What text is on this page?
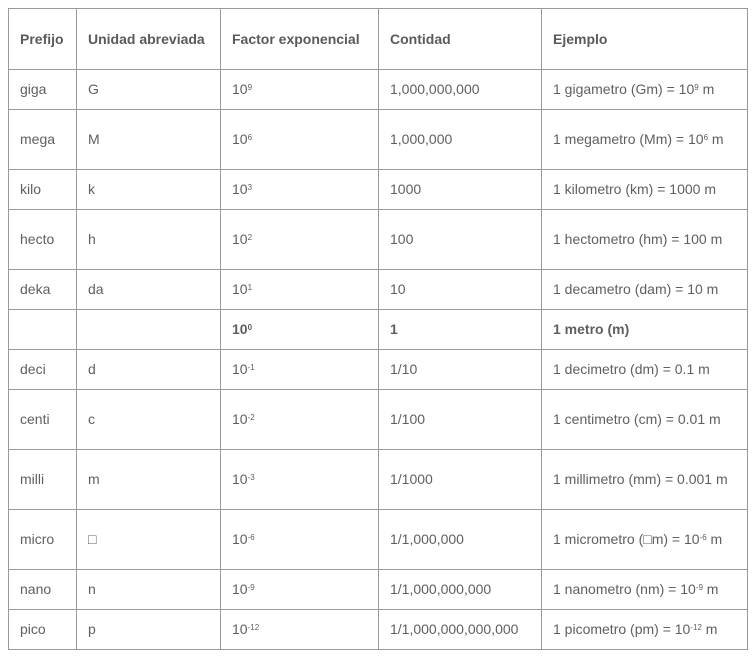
Prefijo	Unidad abreviada	Factor exponencial	Contidad	Ejemplo
giga	G	$10^9$	1,000,000,000	1 gigametro $(Gm) = 10^9$ m
mega	M	$10^6$	1,000,000	1 megametro $(Mm) = 10^6$ m
kilo	k	$10^3$	1000	1 kilometro (km) = 1000 m
hecto	h	$10^2$	100	1 hectometro (hm) = 100 m
deka	da	$10^1$	10	1 decametro (dam) = 10 m
		$10^0$	1	1 metro (m)
deci	d	$10^{-1}$	1/10	1 decimetro (dm) = 0.1 m
centi	c	$10^{-2}$	1/100	1 centimetro (cm) = 0.01 m
milli	m	$10^{-3}$	1/1000	1 millimetro (mm) = 0.001 m
micro	□	$10^{-6}$	1/1,000,000	1 micrometro (□m) = $10^{-6}$ m
nano	n	$10^{-9}$	1/1,000,000,000	1 nanometro $(nm) = 10^{-9}$ m
pico	p	$10^{-12}$	1/1,000,000,000,000	1 picometro $(pm) = 10^{-12}$ m
